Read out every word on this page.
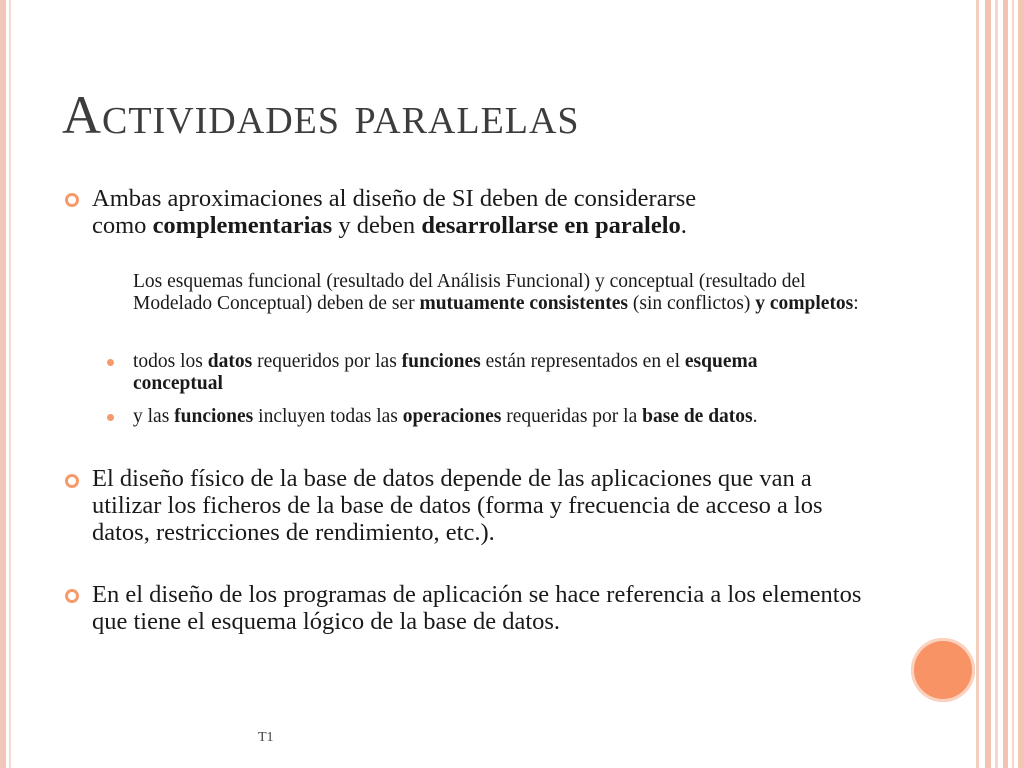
Actividades paralelas

Ambas aproximaciones al diseño de SI deben de considerarse como complementarias y deben desarrollarse en paralelo.

Los esquemas funcional (resultado del Análisis Funcional) y conceptual (resultado del Modelado Conceptual) deben de ser mutuamente consistentes (sin conflictos) y completos:

todos los datos requeridos por las funciones están representados en el esquema conceptual

y las funciones incluyen todas las operaciones requeridas por la base de datos.

El diseño físico de la base de datos depende de las aplicaciones que van a utilizar los ficheros de la base de datos (forma y frecuencia de acceso a los datos, restricciones de rendimiento, etc.).

En el diseño de los programas de aplicación se hace referencia a los elementos que tiene el esquema lógico de la base de datos.

T1
